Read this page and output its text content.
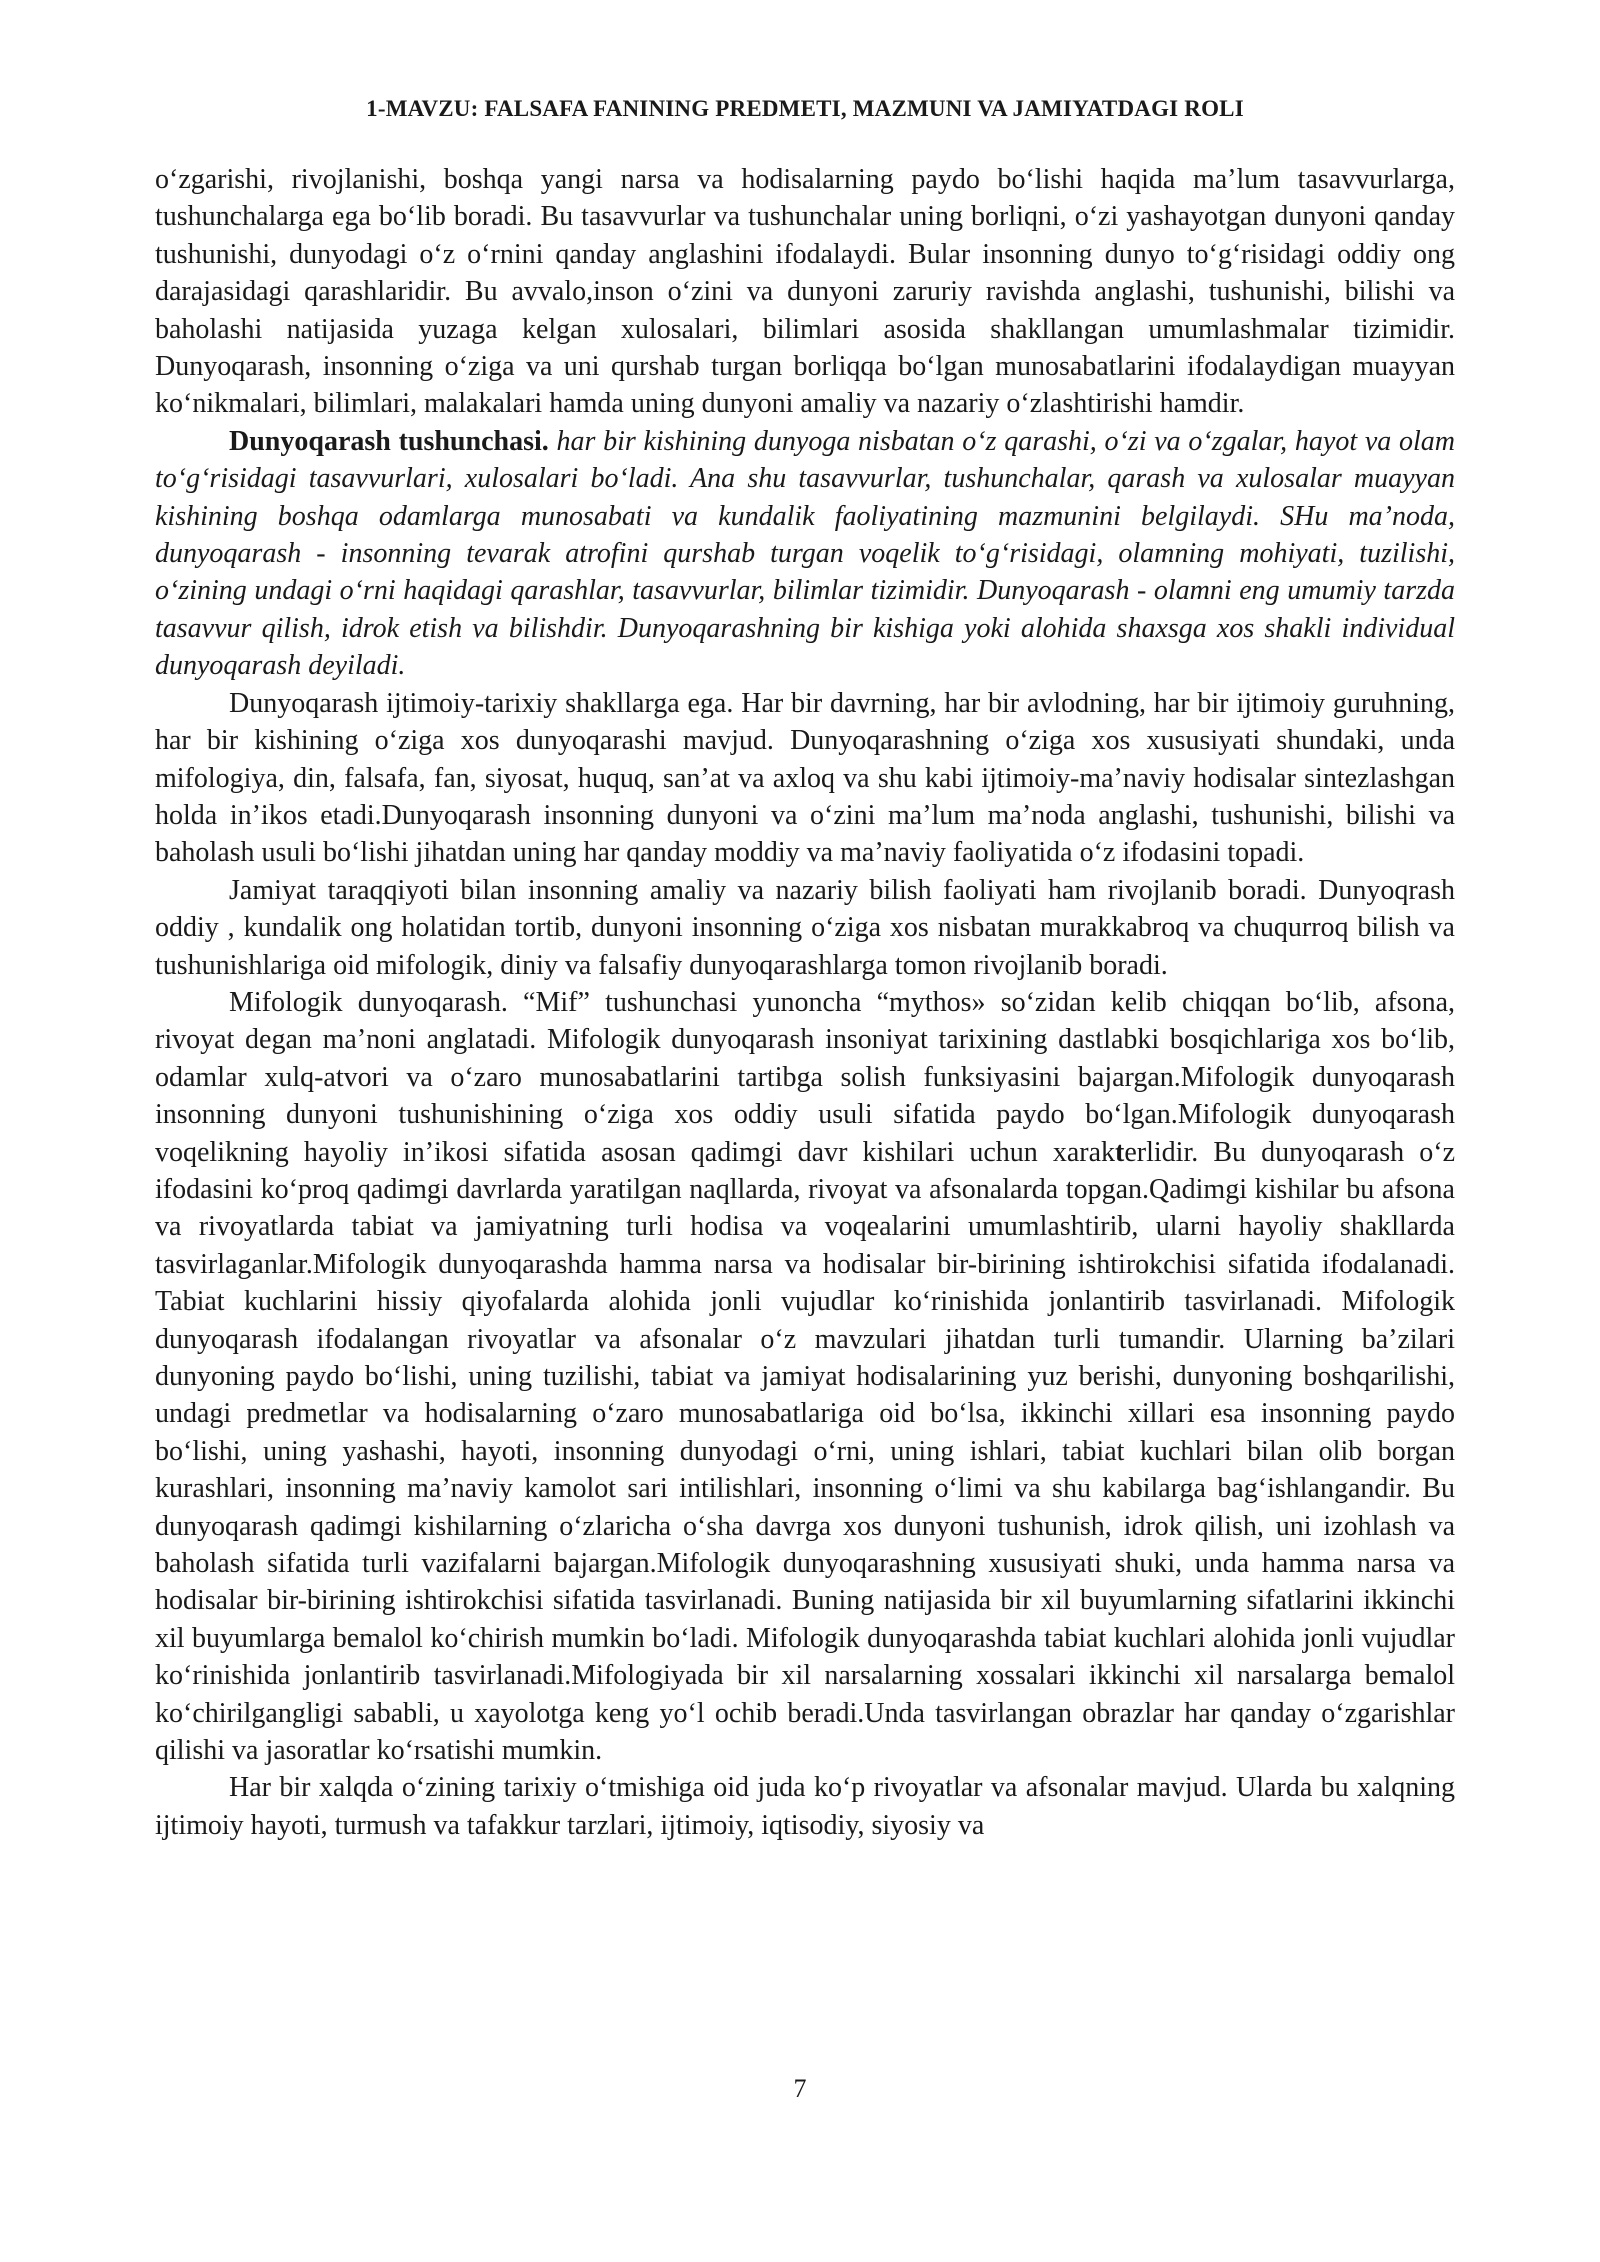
1-MAVZU: FALSAFA FANINING PREDMETI, MAZMUNI VA JAMIYATDAGI ROLI

o‘zgarishi, rivojlanishi, boshqa yangi narsa va hodisalarning paydo bo‘lishi haqida ma’lum tasavvurlarga, tushunchalarga ega bo‘lib boradi. Bu tasavvurlar va tushunchalar uning borliqni, o‘zi yashayotgan dunyoni qanday tushunishi, dunyodagi o‘z o‘rnini qanday anglashini ifodalaydi. Bular insonning dunyo to‘g‘risidagi oddiy ong darajasidagi qarashlaridir. Bu avvalo,inson o‘zini va dunyoni zaruriy ravishda anglashi, tushunishi, bilishi va baholashi natijasida yuzaga kelgan xulosalari, bilimlari asosida shakllangan umumlashmalar tizimidir. Dunyoqarash, insonning o‘ziga va uni qurshab turgan borliqqa bo‘lgan munosabatlarini ifodalaydigan muayyan ko‘nikmalari, bilimlari, malakalari hamda uning dunyoni amaliy va nazariy o‘zlashtirishi hamdir.

Dunyoqarash tushunchasi. har bir kishining dunyoga nisbatan o‘z qarashi, o‘zi va o‘zgalar, hayot va olam to‘g‘risidagi tasavvurlari, xulosalari bo‘ladi. Ana shu tasavvurlar, tushunchalar, qarash va xulosalar muayyan kishining boshqa odamlarga munosabati va kundalik faoliyatining mazmunini belgilaydi. SHu ma’noda, dunyoqarash - insonning tevarak atrofini qurshab turgan voqelik to‘g‘risidagi, olamning mohiyati, tuzilishi, o‘zining undagi o‘rni haqidagi qarashlar, tasavvurlar, bilimlar tizimidir. Dunyoqarash - olamni eng umumiy tarzda tasavvur qilish, idrok etish va bilishdir. Dunyoqarashning bir kishiga yoki alohida shaxsga xos shakli individual dunyoqarash deyiladi.

Dunyoqarash ijtimoiy-tarixiy shakllarga ega. Har bir davrning, har bir avlodning, har bir ijtimoiy guruhning, har bir kishining o‘ziga xos dunyoqarashi mavjud. Dunyoqarashning o‘ziga xos xususiyati shundaki, unda mifologiya, din, falsafa, fan, siyosat, huquq, san’at va axloq va shu kabi ijtimoiy-ma’naviy hodisalar sintezlashgan holda in’ikos etadi.Dunyoqarash insonning dunyoni va o‘zini ma’lum ma’noda anglashi, tushunishi, bilishi va baholash usuli bo‘lishi jihatdan uning har qanday moddiy va ma’naviy faoliyatida o‘z ifodasini topadi.

Jamiyat taraqqiyoti bilan insonning amaliy va nazariy bilish faoliyati ham rivojlanib boradi. Dunyoqrash oddiy , kundalik ong holatidan tortib, dunyoni insonning o‘ziga xos nisbatan murakkabroq va chuqurroq bilish va tushunishlariga oid mifologik, diniy va falsafiy dunyoqarashlarga tomon rivojlanib boradi.

Mifologik dunyoqarash. “Mif” tushunchasi yunoncha “mythos» so‘zidan kelib chiqqan bo‘lib, afsona, rivoyat degan ma’noni anglatadi. Mifologik dunyoqarash insoniyat tarixining dastlabki bosqichlariga xos bo‘lib, odamlar xulq-atvori va o‘zaro munosabatlarini tartibga solish funksiyasini bajargan.Mifologik dunyoqarash insonning dunyoni tushunishining o‘ziga xos oddiy usuli sifatida paydo bo‘lgan.Mifologik dunyoqarash voqelikning hayoliy in’ikosi sifatida asosan qadimgi davr kishilari uchun xarakterlidir. Bu dunyoqarash o‘z ifodasini ko‘proq qadimgi davrlarda yaratilgan naqllarda, rivoyat va afsonalarda topgan.Qadimgi kishilar bu afsona va rivoyatlarda tabiat va jamiyatning turli hodisa va voqealarini umumlashtirib, ularni hayoliy shakllarda tasvirlaganlar.Mifologik dunyoqarashda hamma narsa va hodisalar bir-birining ishtirokchisi sifatida ifodalanadi. Tabiat kuchlarini hissiy qiyofalarda alohida jonli vujudlar ko‘rinishida jonlantirib tasvirlanadi. Mifologik dunyoqarash ifodalangan rivoyatlar va afsonalar o‘z mavzulari jihatdan turli tumandir. Ularning ba’zilari dunyoning paydo bo‘lishi, uning tuzilishi, tabiat va jamiyat hodisalarining yuz berishi, dunyoning boshqarilishi, undagi predmetlar va hodisalarning o‘zaro munosabatlariga oid bo‘lsa, ikkinchi xillari esa insonning paydo bo‘lishi, uning yashashi, hayoti, insonning dunyodagi o‘rni, uning ishlari, tabiat kuchlari bilan olib borgan kurashlari, insonning ma’naviy kamolot sari intilishlari, insonning o‘limi va shu kabilarga bag‘ishlangandir. Bu dunyoqarash qadimgi kishilarning o‘zlaricha o‘sha davrga xos dunyoni tushunish, idrok qilish, uni izohlash va baholash sifatida turli vazifalarni bajargan.Mifologik dunyoqarashning xususiyati shuki, unda hamma narsa va hodisalar bir-birining ishtirokchisi sifatida tasvirlanadi. Buning natijasida bir xil buyumlarning sifatlarini ikkinchi xil buyumlarga bemalol ko‘chirish mumkin bo‘ladi. Mifologik dunyoqarashda tabiat kuchlari alohida jonli vujudlar ko‘rinishida jonlantirib tasvirlanadi.Mifologiyada bir xil narsalarning xossalari ikkinchi xil narsalarga bemalol ko‘chirilgangligi sababli, u xayolotga keng yo‘l ochib beradi.Unda tasvirlangan obrazlar har qanday o‘zgarishlar qilishi va jasoratlar ko‘rsatishi mumkin.

Har bir xalqda o‘zining tarixiy o‘tmishiga oid juda ko‘p rivoyatlar va afsonalar mavjud. Ularda bu xalqning ijtimoiy hayoti, turmush va tafakkur tarzlari, ijtimoiy, iqtisodiy, siyosiy va

7
